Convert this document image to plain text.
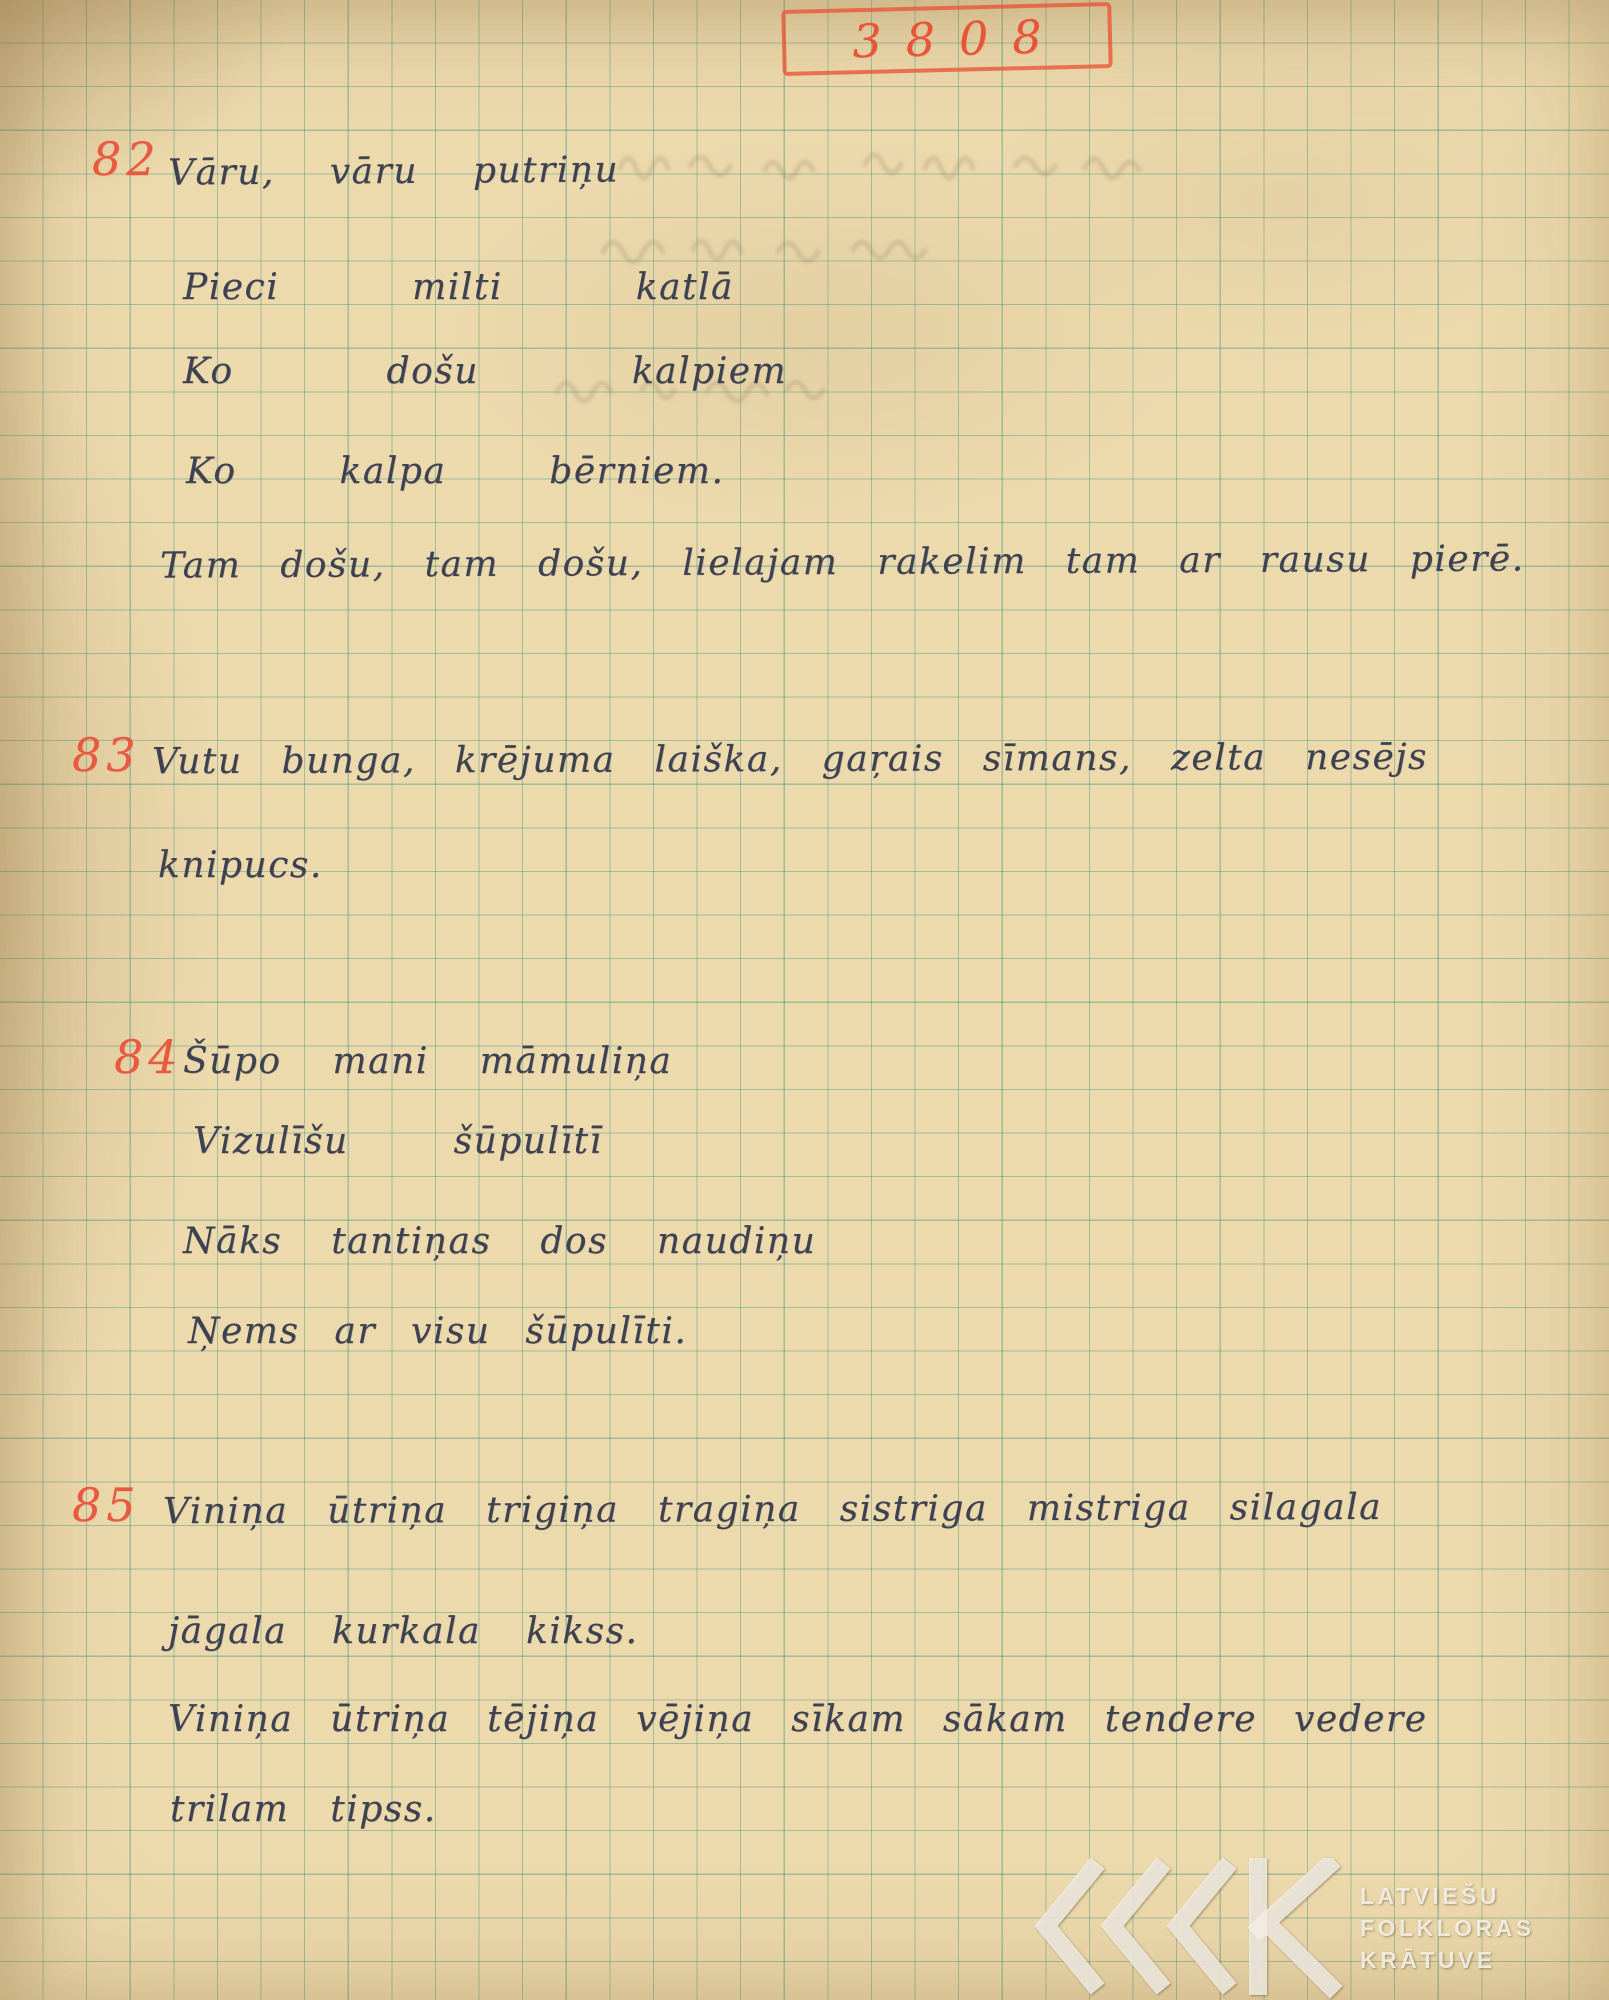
3808
82 Vāru, vāru putriņu
Pieci milti katlā
Ko došu kalpiem
Ko kalpa bērniem.
Tam došu, tam došu, lielajam rakelim tam ar rausu pierē.
83 Vutu bunga, krējuma laiška, gaŗais sīmans, zelta nesējs
knipucs.
84 Šūpo mani māmuliņa
Vizulīšu šūpulītī
Nāks tantiņas dos naudiņu
Ņems ar visu šūpulīti.
85 Viniņa ūtriņa trigiņa tragiņa sistriga mistriga silagala
jāgala kurkala kikss.
Viniņa ūtriņa tējiņa vējiņa sīkam sākam tendere vedere
trilam tipss.
LATVIEŠU
FOLKLORAS
KRĀTUVE
